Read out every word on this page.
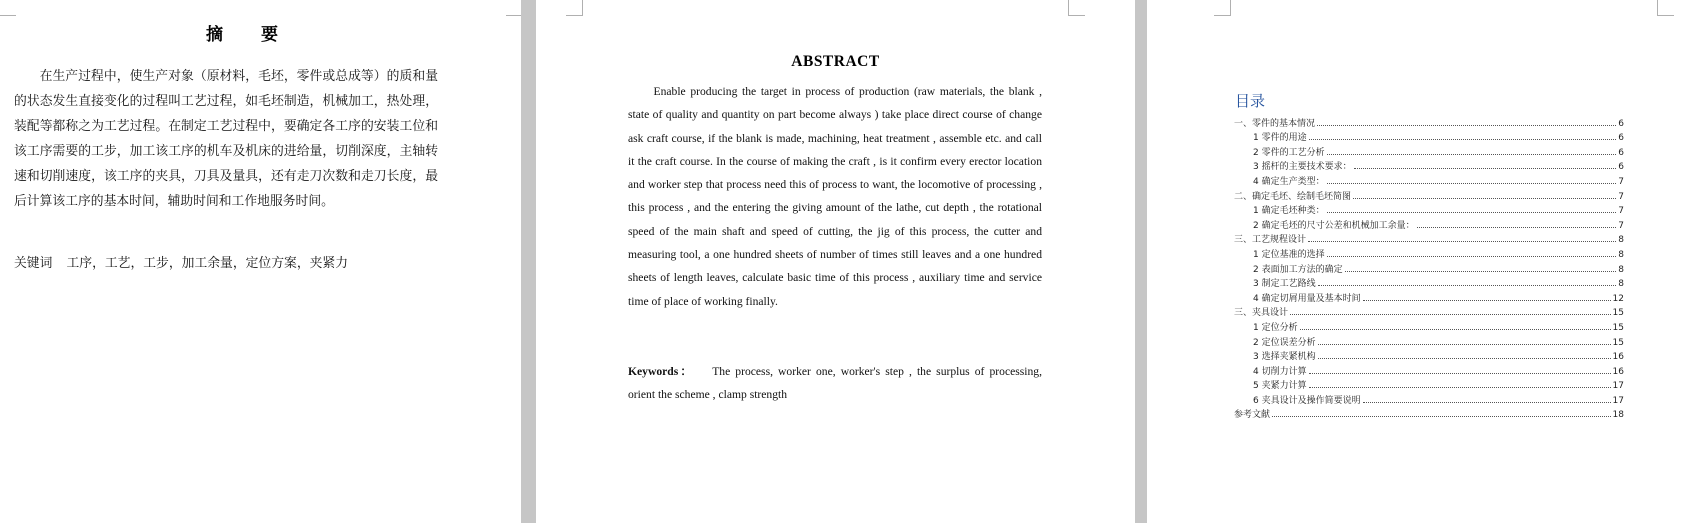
摘 要
在生产过程中，使生产对象（原材料，毛坯，零件或总成等）的质和量的状态发生直接变化的过程叫工艺过程，如毛坯制造，机械加工，热处理，装配等都称之为工艺过程。在制定工艺过程中，要确定各工序的安装工位和该工序需要的工步，加工该工序的机车及机床的进给量，切削深度，主轴转速和切削速度，该工序的夹具，刀具及量具，还有走刀次数和走刀长度，最后计算该工序的基本时间，辅助时间和工作地服务时间。
关键词 工序，工艺，工步，加工余量，定位方案，夹紧力
ABSTRACT
Enable producing the target in process of production (raw materials, the blank , state of quality and quantity on part become always ) take place direct course of change ask craft course, if the blank is made, machining, heat treatment , assemble etc. and call it the craft course. In the course of making the craft , is it confirm every erector location and worker step that process need this of process to want, the locomotive of processing , this process , and the entering the giving amount of the lathe, cut depth , the rotational speed of the main shaft and speed of cutting, the jig of this process, the cutter and measuring tool, a one hundred sheets of number of times still leaves and a one hundred sheets of length leaves, calculate basic time of this process , auxiliary time and service time of place of working finally.
Keywords： The process, worker one, worker's step , the surplus of processing, orient the scheme , clamp strength
目录
一、零件的基本情况	6
1 零件的用途	6
2 零件的工艺分析	6
3 摇杆的主要技术要求：	6
4 确定生产类型：	7
二、确定毛坯、绘制毛坯简图	7
1 确定毛坯种类：	7
2 确定毛坯的尺寸公差和机械加工余量：	7
三、工艺规程设计	8
1 定位基准的选择	8
2 表面加工方法的确定	8
3 制定工艺路线	8
4 确定切屑用量及基本时间	12
三、夹具设计	15
1 定位分析	15
2 定位误差分析	15
3 选择夹紧机构	16
4 切削力计算	16
5 夹紧力计算	17
6 夹具设计及操作简要说明	17
参考文献	18
